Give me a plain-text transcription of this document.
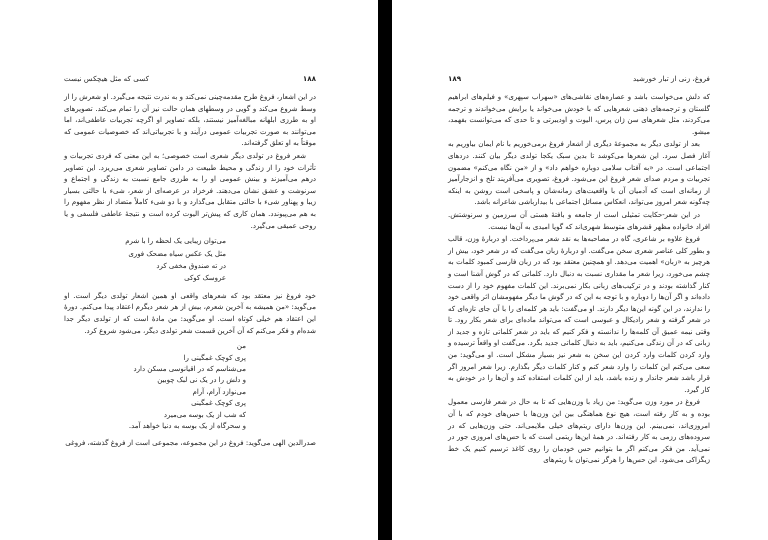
۱۸۸
کسی که مثل هیچکس نیست

در این اشعار، فروغ طرح مقدمه‌چینی نمی‌کند و به ندرت نتیجه می‌گیرد. او شعرش را از وسط شروع می‌کند و گویی در وسطهای همان حالت نیز آن را تمام می‌کند. تصویرهای او به طرزی ابلهانه مبالغه‌آمیز نیستند، بلکه تصاویر او اگرچه تجربیات عاطفی‌اند، اما می‌توانند به صورت تجربیات عمومی درآیند و با تجربیاتی‌اند که خصوصیات عمومی که موقتاً به او تعلق گرفته‌اند.

شعر فروغ در تولدی دیگر شعری است خصوصی؛ به این معنی که فردی تجربیات و تأثرات خود را از زندگی و محیط طبیعت در دامن تصاویر شعری می‌ریزد. این تصاویر درهم می‌آمیزند و بینش عمومی او را به طرزی جامع نسبت به زندگی و اجتماع و سرنوشت و عشق نشان می‌دهند. فرخزاد در عرصه‌ای از شعر، شی‌ء با حالتی بسیار زیبا و پهناور شیء با حالتی متقابل می‌گذارد و با دو شیء کاملاً متضاد از نظر مفهوم را به هم می‌پیوندد. همان کاری که پیش‌تر الیوت کرده است و نتیجۀ عاطفی فلسفی و یا روحی عمیقی می‌گیرد.

می‌توان زیبایی یک لحظه را با شرم
مثل یک عکس سیاه مضحک فوری
در ته صندوق مخفی کرد
عروسک کوکی

خود فروغ نیز معتقد بود که شعرهای واقعی او همین اشعار تولدی دیگر است. او می‌گوید: «من همیشه به آخرین شعرم، بیش از هر شعر دیگرم اعتقاد پیدا می‌کنم. دورۀ این اعتقاد هم خیلی کوتاه است. او می‌گوید: من مادۀ است که از تولدی دیگر جدا شده‌ام و فکر می‌کنم که آن آخرین قسمت شعر تولدی دیگر، می‌شود شروع کرد.

من
پری کوچک غمگینی را
می‌شناسم که در اقیانوسی مسکن دارد
و دلش را در یک نی لبک چوبین
می‌نوازد آرام، آرام
پری کوچک غمگینی
که شب از یک بوسه می‌میرد
و سحرگاه از یک بوسه به دنیا خواهد آمد.

صدرالدین الهی می‌گوید: فروغ در این مجموعه، مجموعی است از فروغ گذشته، فروغی

فروغ، زنی از تبار خورشید
۱۸۹

که دلش می‌خواست باشد و عصاره‌های نقاشی‌های «سهراب سپهری» و فیلم‌های ابراهیم گلستان و ترجمه‌های ذهنی شعرهایی که با خودش می‌خواند یا برایش می‌خواندند و ترجمه می‌کردند، مثل شعرهای سن ژان پرس، الیوت و اودیبرتی و تا حدی که می‌توانست بفهمد، میشو.

بعد از تولدی دیگر به مجموعۀ دیگری از اشعار فروغ برمی‌خوریم با نام ایمان بیاوریم به آغاز فصل سرد. این شعرها می‌کوشد تا بدین سبک یکجا تولدی دیگر بیان کنند. دردهای اجتماعی است. در «به آفتاب سلامی دوباره خواهم داد» و از «من نگاه می‌کنم» مضمون تجربیات و مردم صدای شعر فروغ این می‌شود. فروغ، تصویری می‌آفریند تلخ و انزجارآمیز از زمانه‌ای است که آدمیان آن با واقعیت‌های زمانه‌شان و پاسخی است روشن به اینکه چه‌گونه شعر امروز می‌تواند، انعکاس مسائل اجتماعی با بیدارباشی شاعرانه باشد.

در این شعر-حکایت تمثیلی است از جامعه و بافتۀ هستی آن سرزمین و سرنوشتش. افراد خانواده مظهر قشرهای متوسط شهری‌اند که گویا امیدی به آن‌ها نیست.

فروغ علاوه بر شاعری، گاه در مصاحبه‌ها به نقد شعر می‌پرداخت. او دربارۀ وزن، قالب و بطور کلی عناصر شعری سخن می‌گفت. او دربارۀ زبان می‌گفت که در شعر خود، بیش از هرچیز به «زبان» اهمیت می‌دهد. او همچنین معتقد بود که در زبان فارسی کمبود کلمات به چشم می‌خورد، زیرا شعر ما مقداری نسبت به دنبال دارد. کلماتی که در گوش آشنا است و کنار گذاشته بودند و در ترکیب‌های زبانی بکار نمی‌برند. این کلمات مفهوم خود را از دست داده‌اند و اگر آن‌ها را دوباره و با توجه به این که در گوش ما دیگر مفهومشان اثر واقعی خود را ندارند، در این گونه این‌ها دیگر دارند. او می‌گفت: باید هر کلمه‌ای را با آن جای تازه‌ای که در شعر گرفته و شعر رادیکال و عبوسی است که می‌تواند ماده‌ای برای شعر بکار رود. تا وقتی نیمه عمیق آن کلمه‌ها را ندانسته و فکر کنیم که باید در شعر کلماتی تازه و جدید از زبانی که در آن زندگی می‌کنیم، باید به دنبال کلماتی جدید بگرد. می‌گفت او واقعاً ترسیده و وارد کردن کلمات وارد کردن این سخن به شعر نیز بسیار مشکل است. او می‌گوید: من سعی می‌کنم این کلمات را وارد شعر کنم و کنار کلمات دیگر بگذارم. زیرا شعر امروز اگر قرار باشد شعر جاندار و زنده باشد، باید از این کلمات استفاده کند و آن‌ها را در خودش به کار گیرد.

فروغ در مورد وزن می‌گوید: من زیاد با وزن‌هایی که تا به حال در شعر فارسی معمول بوده و به کار رفته است، هیچ نوع هماهنگی بین این وزن‌ها با حس‌های خودم که با آن امروزی‌اند، نمی‌بینم. این وزن‌ها دارای ریتم‌های خیلی ملایمی‌اند. حتی وزن‌هایی که در سروده‌های رزمی به کار رفته‌اند. در همۀ این‌ها ریتمی است که با حس‌های امروزی جور در نمی‌آید. من فکر می‌کنم اگر ما بتوانیم حس خودمان را روی کاغذ ترسیم کنیم یک خط زیگزاکی می‌شود. این حس‌ها را هرگز نمی‌توان با ریتم‌های
